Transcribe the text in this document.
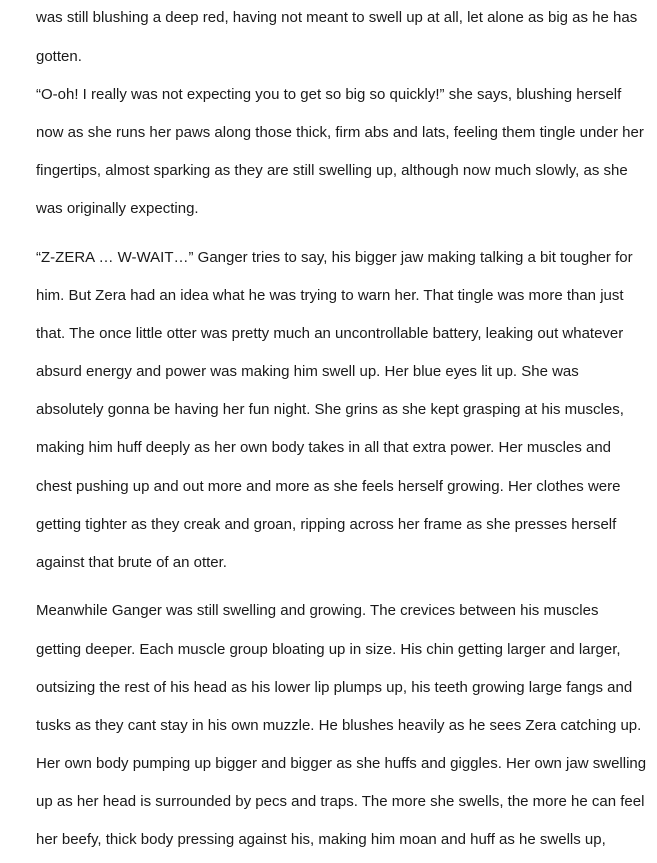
was still blushing a deep red, having not meant to swell up at all, let alone as big as he has
gotten.
“O-oh! I really was not expecting you to get so big so quickly!” she says, blushing herself
now as she runs her paws along those thick, firm abs and lats, feeling them tingle under her
fingertips, almost sparking as they are still swelling up, although now much slowly, as she
was originally expecting.
“Z-ZERA … W-WAIT…” Ganger tries to say, his bigger jaw making talking a bit tougher for
him. But Zera had an idea what he was trying to warn her. That tingle was more than just
that. The once little otter was pretty much an uncontrollable battery, leaking out whatever
absurd energy and power was making him swell up. Her blue eyes lit up. She was
absolutely gonna be having her fun night. She grins as she kept grasping at his muscles,
making him huff deeply as her own body takes in all that extra power. Her muscles and
chest pushing up and out more and more as she feels herself growing. Her clothes were
getting tighter as they creak and groan, ripping across her frame as she presses herself
against that brute of an otter.
Meanwhile Ganger was still swelling and growing. The crevices between his muscles
getting deeper. Each muscle group bloating up in size. His chin getting larger and larger,
outsizing the rest of his head as his lower lip plumps up, his teeth growing large fangs and
tusks as they cant stay in his own muzzle. He blushes heavily as he sees Zera catching up.
Her own body pumping up bigger and bigger as she huffs and giggles. Her own jaw swelling
up as her head is surrounded by pecs and traps. The more she swells, the more he can feel
her beefy, thick body pressing against his, making him moan and huff as he swells up,
